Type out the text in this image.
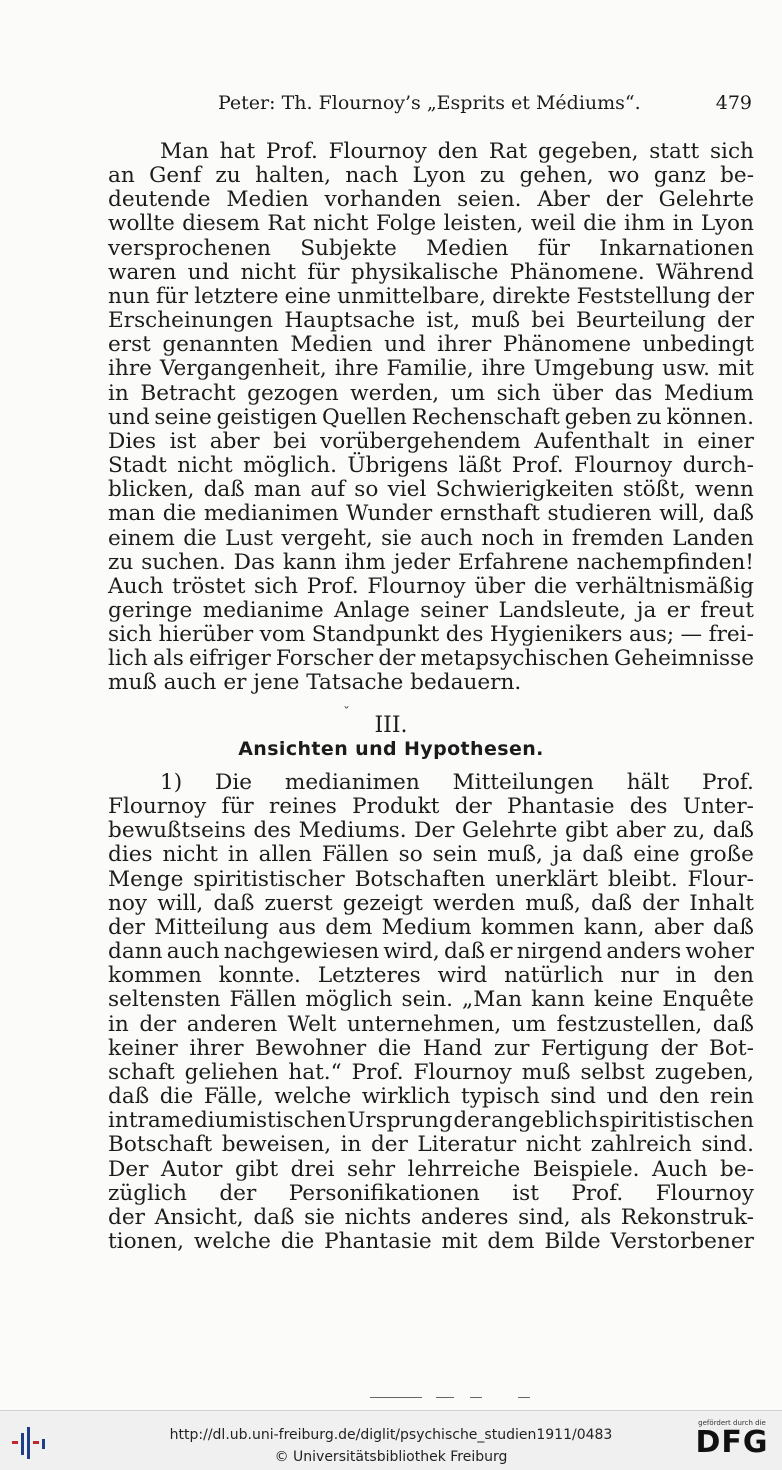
Peter: Th. Flournoy’s „Esprits et Médiums“.	479
Man hat Prof. Flournoy den Rat gegeben, statt sich
an Genf zu halten, nach Lyon zu gehen, wo ganz be-
deutende Medien vorhanden seien. Aber der Gelehrte
wollte diesem Rat nicht Folge leisten, weil die ihm in Lyon
versprochenen Subjekte Medien für Inkarnationen
waren und nicht für physikalische Phänomene. Während
nun für letztere eine unmittelbare, direkte Feststellung der
Erscheinungen Hauptsache ist, muß bei Beurteilung der
erst genannten Medien und ihrer Phänomene unbedingt
ihre Vergangenheit, ihre Familie, ihre Umgebung usw. mit
in Betracht gezogen werden, um sich über das Medium
und seine geistigen Quellen Rechenschaft geben zu können.
Dies ist aber bei vorübergehendem Aufenthalt in einer
Stadt nicht möglich. Übrigens läßt Prof. Flournoy durch-
blicken, daß man auf so viel Schwierigkeiten stößt, wenn
man die medianimen Wunder ernsthaft studieren will, daß
einem die Lust vergeht, sie auch noch in fremden Landen
zu suchen. Das kann ihm jeder Erfahrene nachempfinden!
Auch tröstet sich Prof. Flournoy über die verhältnismäßig
geringe medianime Anlage seiner Landsleute, ja er freut
sich hierüber vom Standpunkt des Hygienikers aus; — frei-
lich als eifriger Forscher der metapsychischen Geheimnisse
muß auch er jene Tatsache bedauern.
ˇ	III.
Ansichten und Hypothesen.
1) Die medianimen Mitteilungen hält Prof.
Flournoy für reines Produkt der Phantasie des Unter-
bewußtseins des Mediums. Der Gelehrte gibt aber zu, daß
dies nicht in allen Fällen so sein muß, ja daß eine große
Menge spiritistischer Botschaften unerklärt bleibt. Flour-
noy will, daß zuerst gezeigt werden muß, daß der Inhalt
der Mitteilung aus dem Medium kommen kann, aber daß
dann auch nachgewiesen wird, daß er nirgend anders woher
kommen konnte. Letzteres wird natürlich nur in den
seltensten Fällen möglich sein. „Man kann keine Enquête
in der anderen Welt unternehmen, um festzustellen, daß
keiner ihrer Bewohner die Hand zur Fertigung der Bot-
schaft geliehen hat.“ Prof. Flournoy muß selbst zugeben,
daß die Fälle, welche wirklich typisch sind und den rein
intramediumistischen Ursprung der angeblich spiritistischen
Botschaft beweisen, in der Literatur nicht zahlreich sind.
Der Autor gibt drei sehr lehrreiche Beispiele. Auch be-
züglich der Personifikationen ist Prof. Flournoy
der Ansicht, daß sie nichts anderes sind, als Rekonstruk-
tionen, welche die Phantasie mit dem Bilde Verstorbener
http://dl.ub.uni-freiburg.de/diglit/psychische_studien1911/0483
© Universitätsbibliothek Freiburg
gefördert durch die
DFG
